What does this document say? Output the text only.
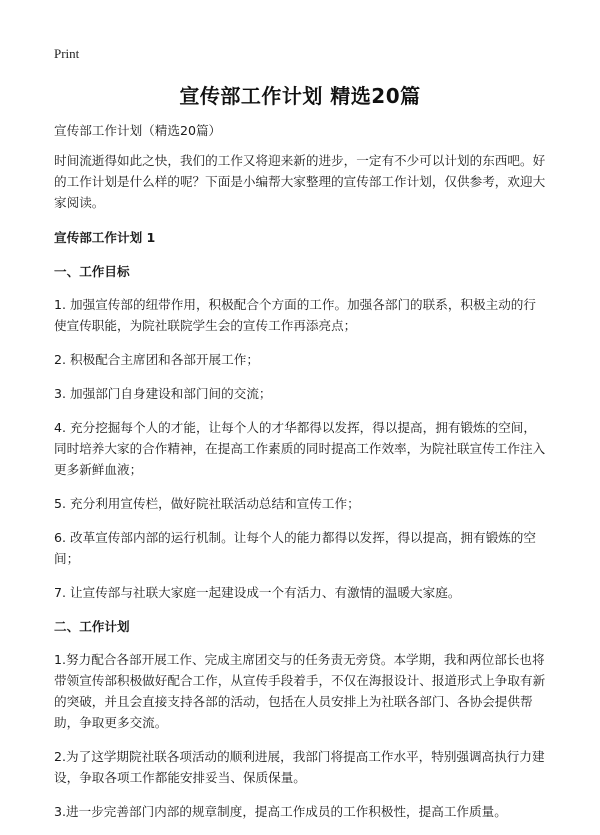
Print
宣传部工作计划 精选20篇

宣传部工作计划（精选20篇）

时间流逝得如此之快，我们的工作又将迎来新的进步，一定有不少可以计划的东西吧。好的工作计划是什么样的呢？下面是小编帮大家整理的宣传部工作计划，仅供参考，欢迎大家阅读。

宣传部工作计划 1

一、工作目标

1. 加强宣传部的纽带作用，积极配合个方面的工作。加强各部门的联系，积极主动的行使宣传职能，为院社联院学生会的宣传工作再添亮点；

2. 积极配合主席团和各部开展工作；

3. 加强部门自身建设和部门间的交流；

4. 充分挖掘每个人的才能，让每个人的才华都得以发挥，得以提高，拥有锻炼的空间，同时培养大家的合作精神，在提高工作素质的同时提高工作效率，为院社联宣传工作注入更多新鲜血液；

5. 充分利用宣传栏，做好院社联活动总结和宣传工作；

6. 改革宣传部内部的运行机制。让每个人的能力都得以发挥，得以提高，拥有锻炼的空间；

7. 让宣传部与社联大家庭一起建设成一个有活力、有激情的温暖大家庭。

二、工作计划

1.努力配合各部开展工作、完成主席团交与的任务责无旁贷。本学期，我和两位部长也将带领宣传部积极做好配合工作，从宣传手段着手，不仅在海报设计、报道形式上争取有新的突破，并且会直接支持各部的活动，包括在人员安排上为社联各部门、各协会提供帮助，争取更多交流。

2.为了这学期院社联各项活动的顺利进展，我部门将提高工作水平，特别强调高执行力建设，争取各项工作都能安排妥当、保质保量。

3.进一步完善部门内部的规章制度，提高工作成员的工作积极性，提高工作质量。
